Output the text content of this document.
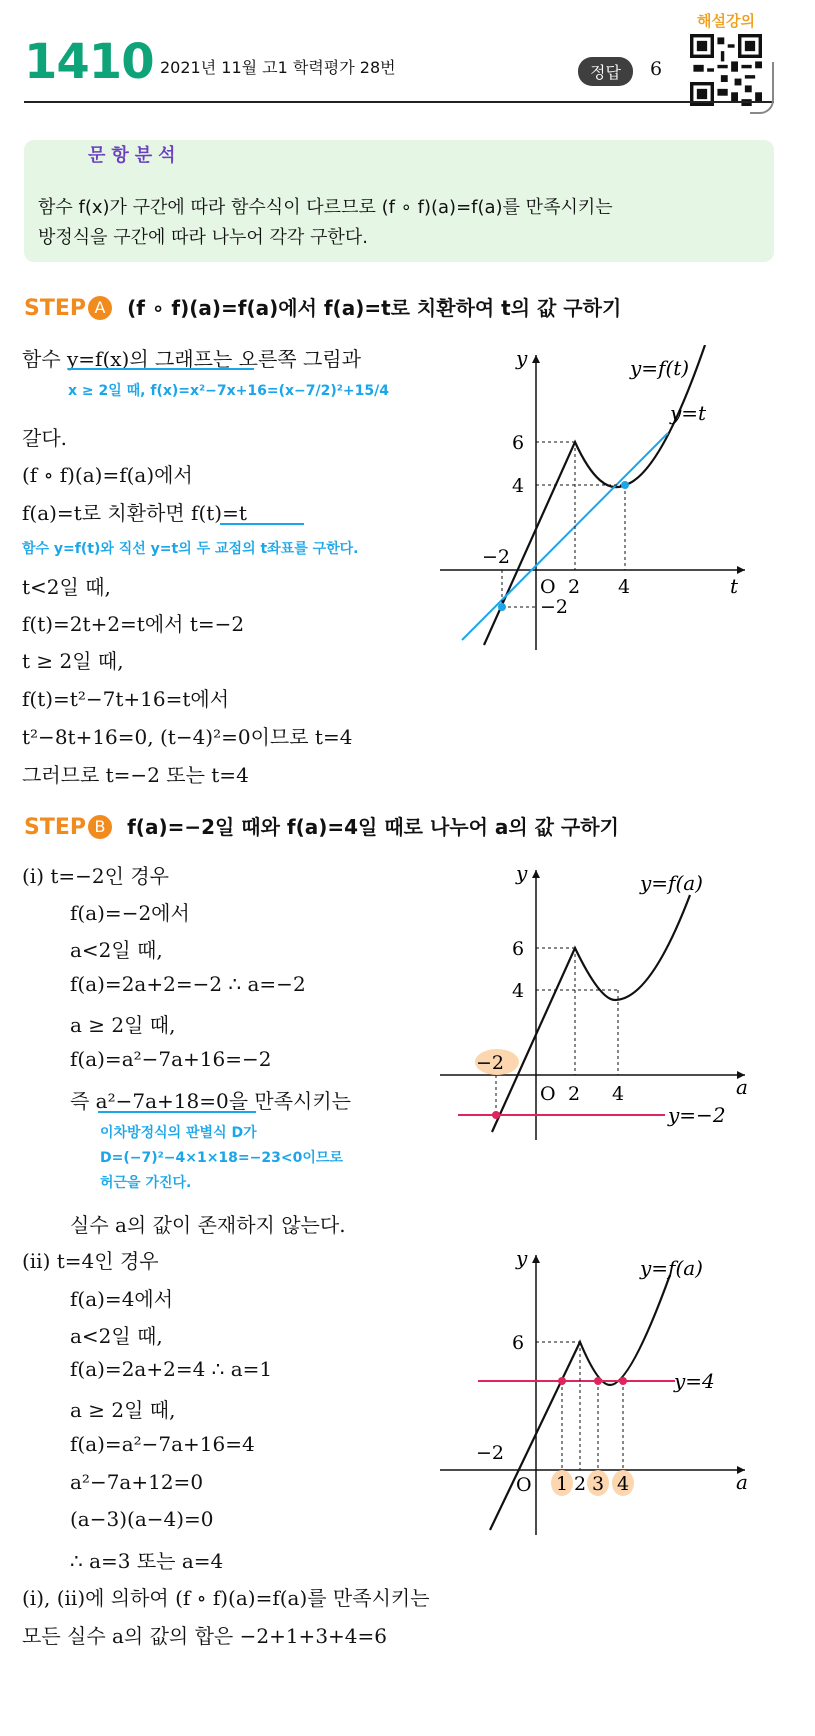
1410 2021년 11월 고1 학력평가 28번	정답	6
해설강의
문항분석
함수 f(x)가 구간에 따라 함수식이 다르므로 (f ∘ f)(a)=f(a)를 만족시키는
방정식을 구간에 따라 나누어 각각 구한다.
STEP A (f ∘ f)(a)=f(a)에서 f(a)=t로 치환하여 t의 값 구하기
함수 y=f(x)의 그래프는 오른쪽 그림과
x ≥ 2일 때, f(x)=x²−7x+16=(x−7/2)²+15/4
갈다.
(f ∘ f)(a)=f(a)에서
f(a)=t로 치환하면 f(t)=t
함수 y=f(t)와 직선 y=t의 두 교점의 t좌표를 구한다.
t<2일 때,
f(t)=2t+2=t에서 t=−2
t ≥ 2일 때,
f(t)=t²−7t+16=t에서
t²−8t+16=0, (t−4)²=0이므로 t=4
그러므로 t=−2 또는 t=4
y
t
O
y=f(t)
y=t
6
4
−2
−2
2 4
STEP B f(a)=−2일 때와 f(a)=4일 때로 나누어 a의 값 구하기
(ⅰ) t=−2인 경우
f(a)=−2에서
a<2일 때,
f(a)=2a+2=−2 ∴ a=−2
a ≥ 2일 때,
f(a)=a²−7a+16=−2
즉 a²−7a+18=0을 만족시키는
이차방정식의 판별식 D가
D=(−7)²−4×1×18=−23<0이므로
허근을 가진다.
실수 a의 값이 존재하지 않는다.
y
a
O
y=f(a)
y=−2
6
4
−2
2 4
(ⅱ) t=4인 경우
f(a)=4에서
a<2일 때,
f(a)=2a+2=4 ∴ a=1
a ≥ 2일 때,
f(a)=a²−7a+16=4
a²−7a+12=0
(a−3)(a−4)=0
∴ a=3 또는 a=4
y
a
O
y=f(a)
y=4
6
−2
1 2 3 4
(ⅰ), (ⅱ)에 의하여 (f ∘ f)(a)=f(a)를 만족시키는
모든 실수 a의 값의 합은 −2+1+3+4=6
